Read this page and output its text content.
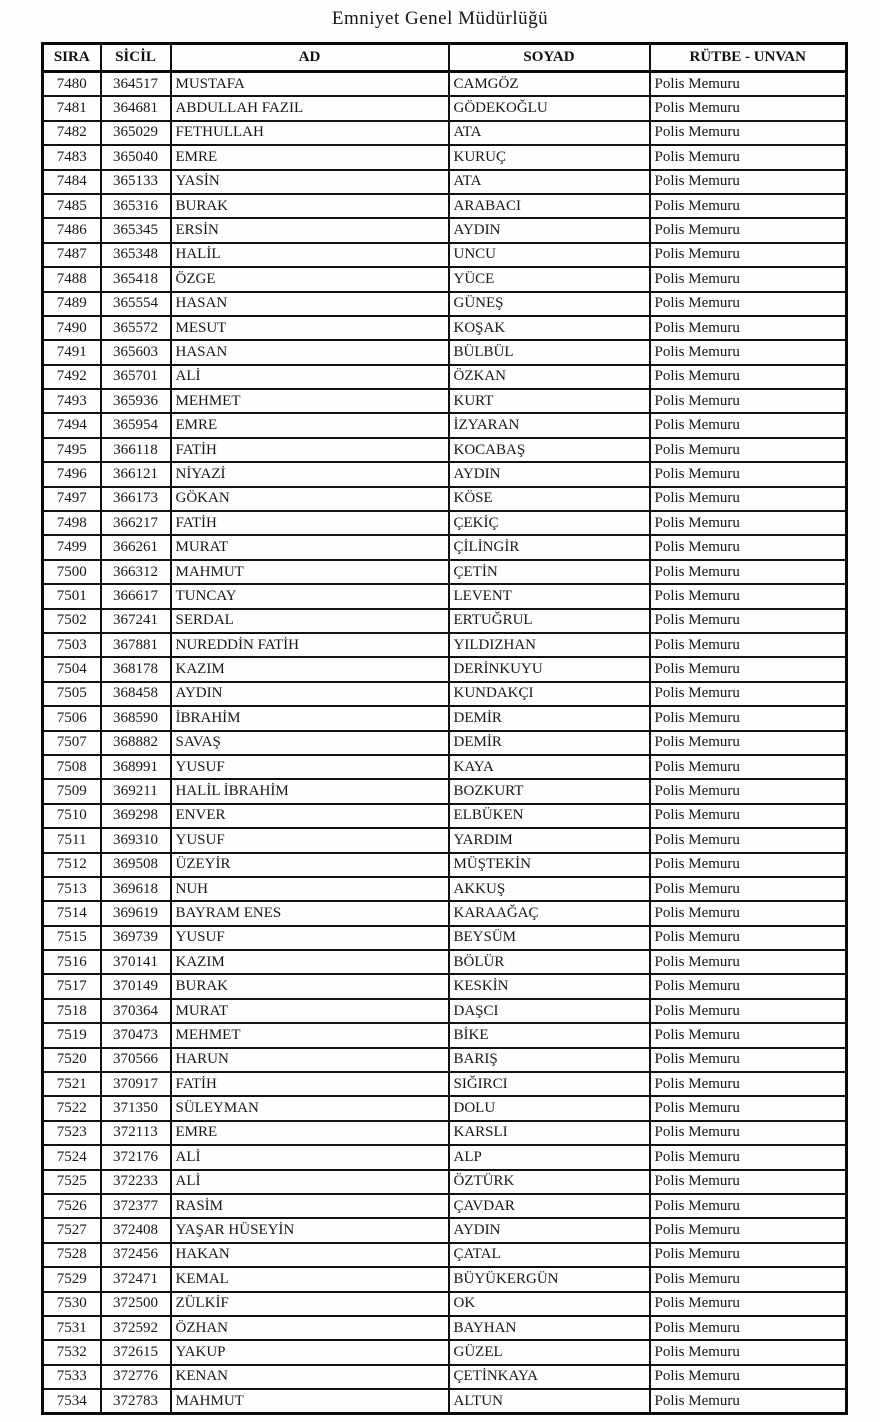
Emniyet Genel Müdürlüğü
SIRA	SİCİL	AD	SOYAD	RÜTBE - UNVAN
7480	364517	MUSTAFA	CAMGÖZ	Polis Memuru
7481	364681	ABDULLAH FAZIL	GÖDEKOĞLU	Polis Memuru
7482	365029	FETHULLAH	ATA	Polis Memuru
7483	365040	EMRE	KURUÇ	Polis Memuru
7484	365133	YASİN	ATA	Polis Memuru
7485	365316	BURAK	ARABACI	Polis Memuru
7486	365345	ERSİN	AYDIN	Polis Memuru
7487	365348	HALİL	UNCU	Polis Memuru
7488	365418	ÖZGE	YÜCE	Polis Memuru
7489	365554	HASAN	GÜNEŞ	Polis Memuru
7490	365572	MESUT	KOŞAK	Polis Memuru
7491	365603	HASAN	BÜLBÜL	Polis Memuru
7492	365701	ALİ	ÖZKAN	Polis Memuru
7493	365936	MEHMET	KURT	Polis Memuru
7494	365954	EMRE	İZYARAN	Polis Memuru
7495	366118	FATİH	KOCABAŞ	Polis Memuru
7496	366121	NİYAZİ	AYDIN	Polis Memuru
7497	366173	GÖKAN	KÖSE	Polis Memuru
7498	366217	FATİH	ÇEKİÇ	Polis Memuru
7499	366261	MURAT	ÇİLİNGİR	Polis Memuru
7500	366312	MAHMUT	ÇETİN	Polis Memuru
7501	366617	TUNCAY	LEVENT	Polis Memuru
7502	367241	SERDAL	ERTUĞRUL	Polis Memuru
7503	367881	NUREDDİN FATİH	YILDIZHAN	Polis Memuru
7504	368178	KAZIM	DERİNKUYU	Polis Memuru
7505	368458	AYDIN	KUNDAKÇI	Polis Memuru
7506	368590	İBRAHİM	DEMİR	Polis Memuru
7507	368882	SAVAŞ	DEMİR	Polis Memuru
7508	368991	YUSUF	KAYA	Polis Memuru
7509	369211	HALİL İBRAHİM	BOZKURT	Polis Memuru
7510	369298	ENVER	ELBÜKEN	Polis Memuru
7511	369310	YUSUF	YARDIM	Polis Memuru
7512	369508	ÜZEYİR	MÜŞTEKİN	Polis Memuru
7513	369618	NUH	AKKUŞ	Polis Memuru
7514	369619	BAYRAM ENES	KARAAĞAÇ	Polis Memuru
7515	369739	YUSUF	BEYSÜM	Polis Memuru
7516	370141	KAZIM	BÖLÜR	Polis Memuru
7517	370149	BURAK	KESKİN	Polis Memuru
7518	370364	MURAT	DAŞCI	Polis Memuru
7519	370473	MEHMET	BİKE	Polis Memuru
7520	370566	HARUN	BARIŞ	Polis Memuru
7521	370917	FATİH	SIĞIRCI	Polis Memuru
7522	371350	SÜLEYMAN	DOLU	Polis Memuru
7523	372113	EMRE	KARSLI	Polis Memuru
7524	372176	ALİ	ALP	Polis Memuru
7525	372233	ALİ	ÖZTÜRK	Polis Memuru
7526	372377	RASİM	ÇAVDAR	Polis Memuru
7527	372408	YAŞAR HÜSEYİN	AYDIN	Polis Memuru
7528	372456	HAKAN	ÇATAL	Polis Memuru
7529	372471	KEMAL	BÜYÜKERGÜN	Polis Memuru
7530	372500	ZÜLKİF	OK	Polis Memuru
7531	372592	ÖZHAN	BAYHAN	Polis Memuru
7532	372615	YAKUP	GÜZEL	Polis Memuru
7533	372776	KENAN	ÇETİNKAYA	Polis Memuru
7534	372783	MAHMUT	ALTUN	Polis Memuru
